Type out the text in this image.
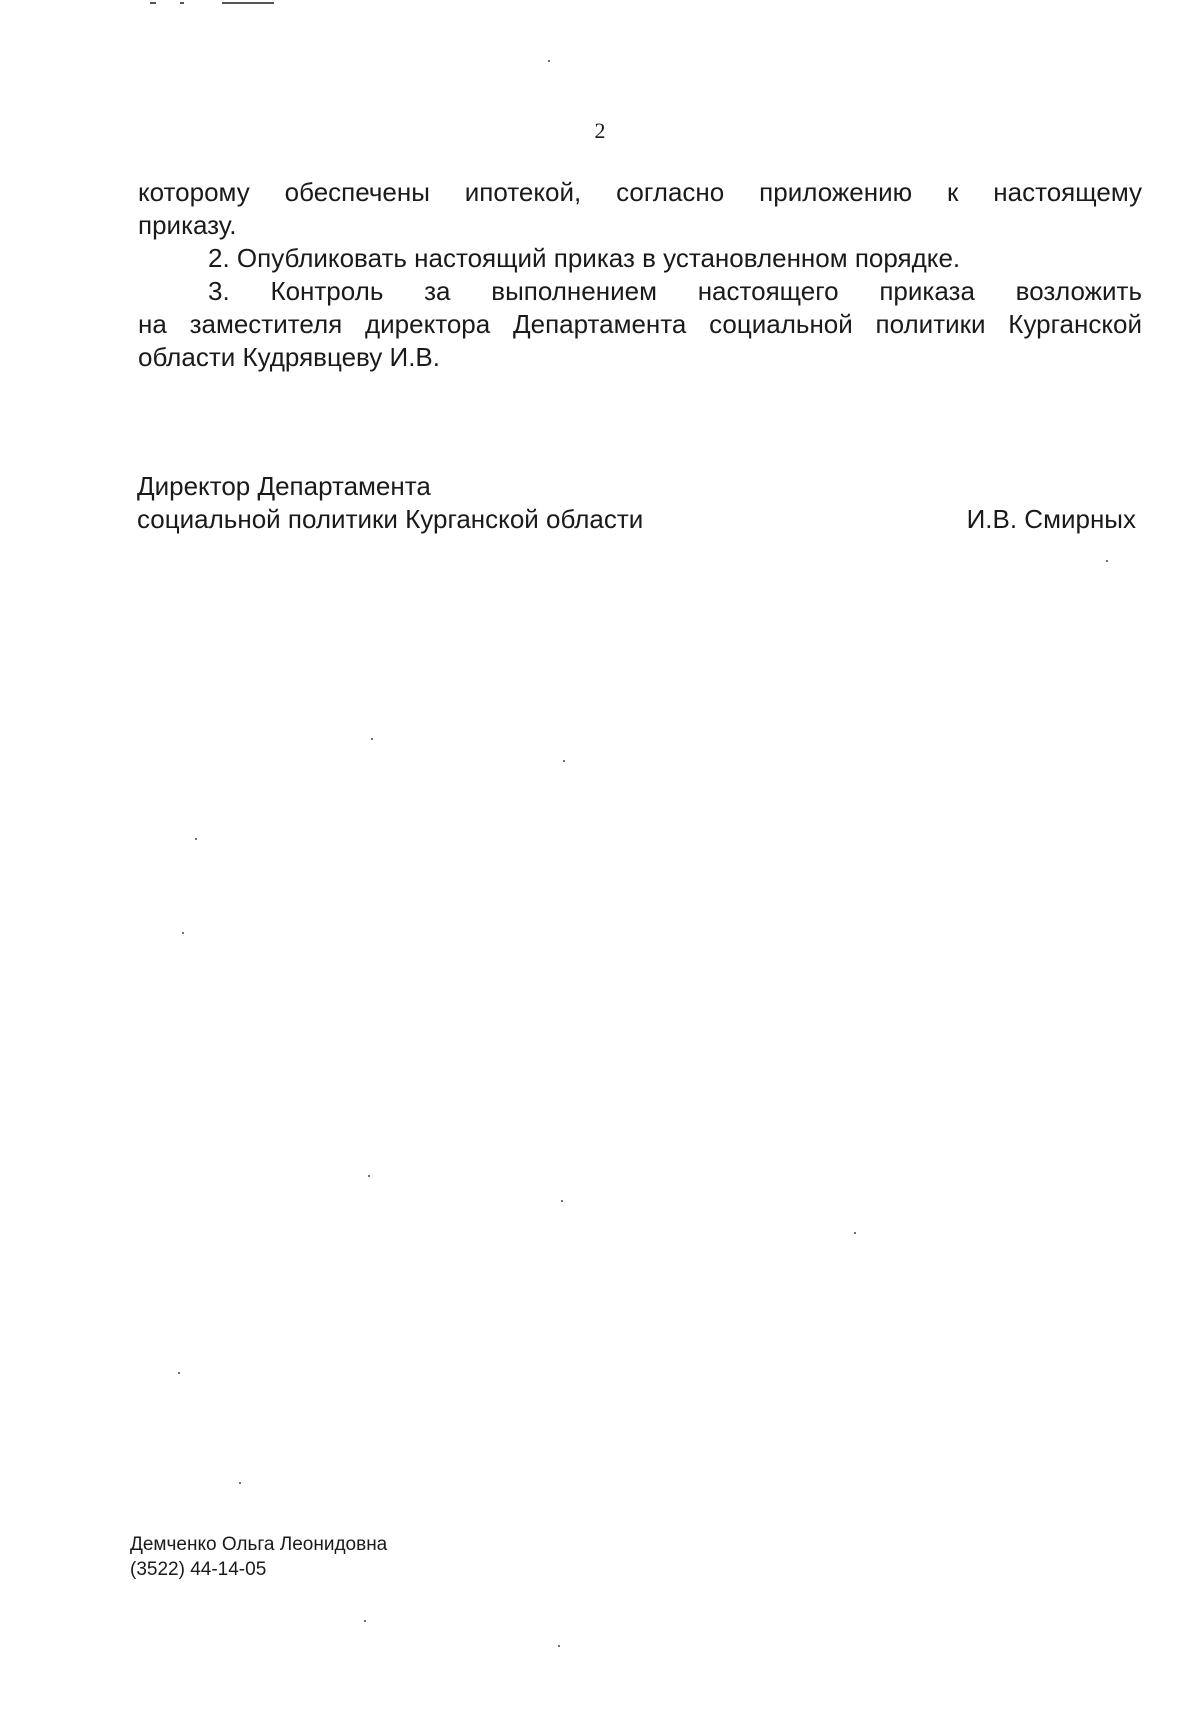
2
которому обеспечены ипотекой, согласно приложению к настоящему
приказу.
2. Опубликовать настоящий приказ в установленном порядке.
3. Контроль за выполнением настоящего приказа возложить
на заместителя директора Департамента социальной политики Курганской
области Кудрявцеву И.В.
Директор Департамента
социальной политики Курганской области	И.В. Смирных
Демченко Ольга Леонидовна
(3522) 44-14-05
